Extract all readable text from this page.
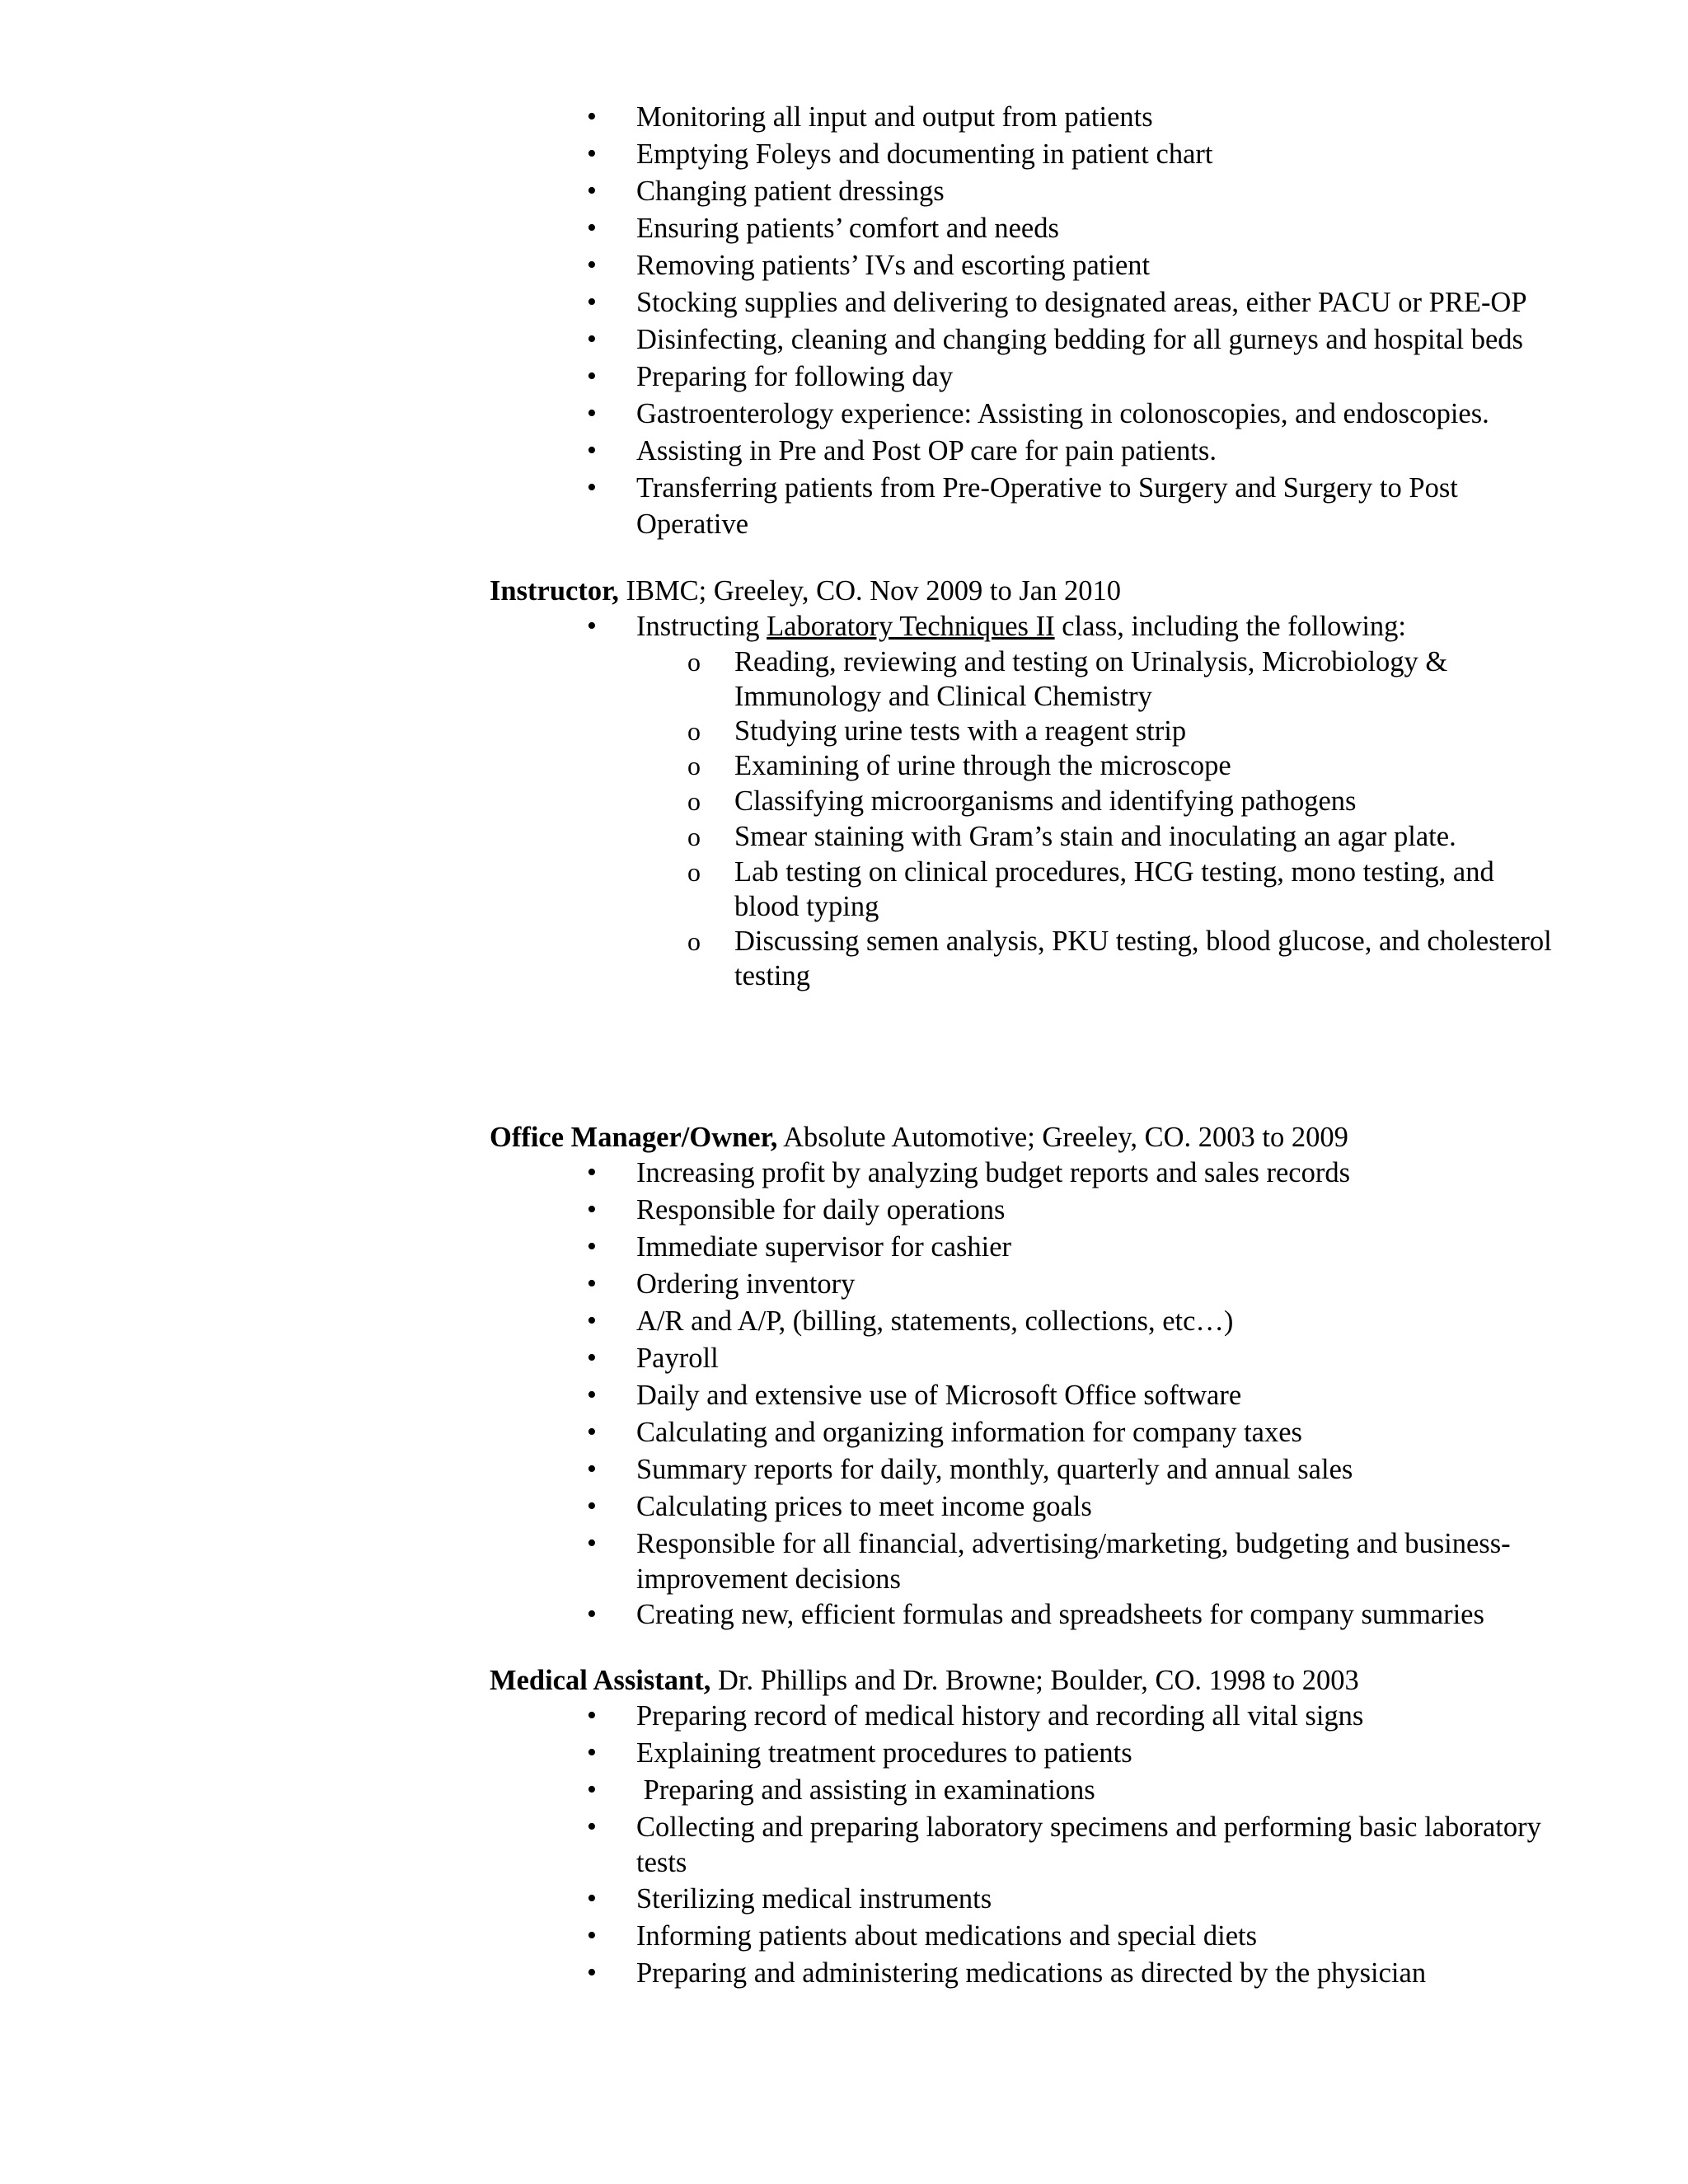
• Monitoring all input and output from patients
• Emptying Foleys and documenting in patient chart
• Changing patient dressings
• Ensuring patients’ comfort and needs
• Removing patients’ IVs and escorting patient
• Stocking supplies and delivering to designated areas, either PACU or PRE-OP
• Disinfecting, cleaning and changing bedding for all gurneys and hospital beds
• Preparing for following day
• Gastroenterology experience: Assisting in colonoscopies, and endoscopies.
• Assisting in Pre and Post OP care for pain patients.
• Transferring patients from Pre-Operative to Surgery and Surgery to Post
Operative
Instructor, IBMC; Greeley, CO. Nov 2009 to Jan 2010
• Instructing Laboratory Techniques II class, including the following:
o Reading, reviewing and testing on Urinalysis, Microbiology &
Immunology and Clinical Chemistry
o Studying urine tests with a reagent strip
o Examining of urine through the microscope
o Classifying microorganisms and identifying pathogens
o Smear staining with Gram’s stain and inoculating an agar plate.
o Lab testing on clinical procedures, HCG testing, mono testing, and
blood typing
o Discussing semen analysis, PKU testing, blood glucose, and cholesterol
testing
Office Manager/Owner, Absolute Automotive; Greeley, CO. 2003 to 2009
• Increasing profit by analyzing budget reports and sales records
• Responsible for daily operations
• Immediate supervisor for cashier
• Ordering inventory
• A/R and A/P, (billing, statements, collections, etc…)
• Payroll
• Daily and extensive use of Microsoft Office software
• Calculating and organizing information for company taxes
• Summary reports for daily, monthly, quarterly and annual sales
• Calculating prices to meet income goals
• Responsible for all financial, advertising/marketing, budgeting and business-
improvement decisions
• Creating new, efficient formulas and spreadsheets for company summaries
Medical Assistant, Dr. Phillips and Dr. Browne; Boulder, CO. 1998 to 2003
• Preparing record of medical history and recording all vital signs
• Explaining treatment procedures to patients
• Preparing and assisting in examinations
• Collecting and preparing laboratory specimens and performing basic laboratory
tests
• Sterilizing medical instruments
• Informing patients about medications and special diets
• Preparing and administering medications as directed by the physician
